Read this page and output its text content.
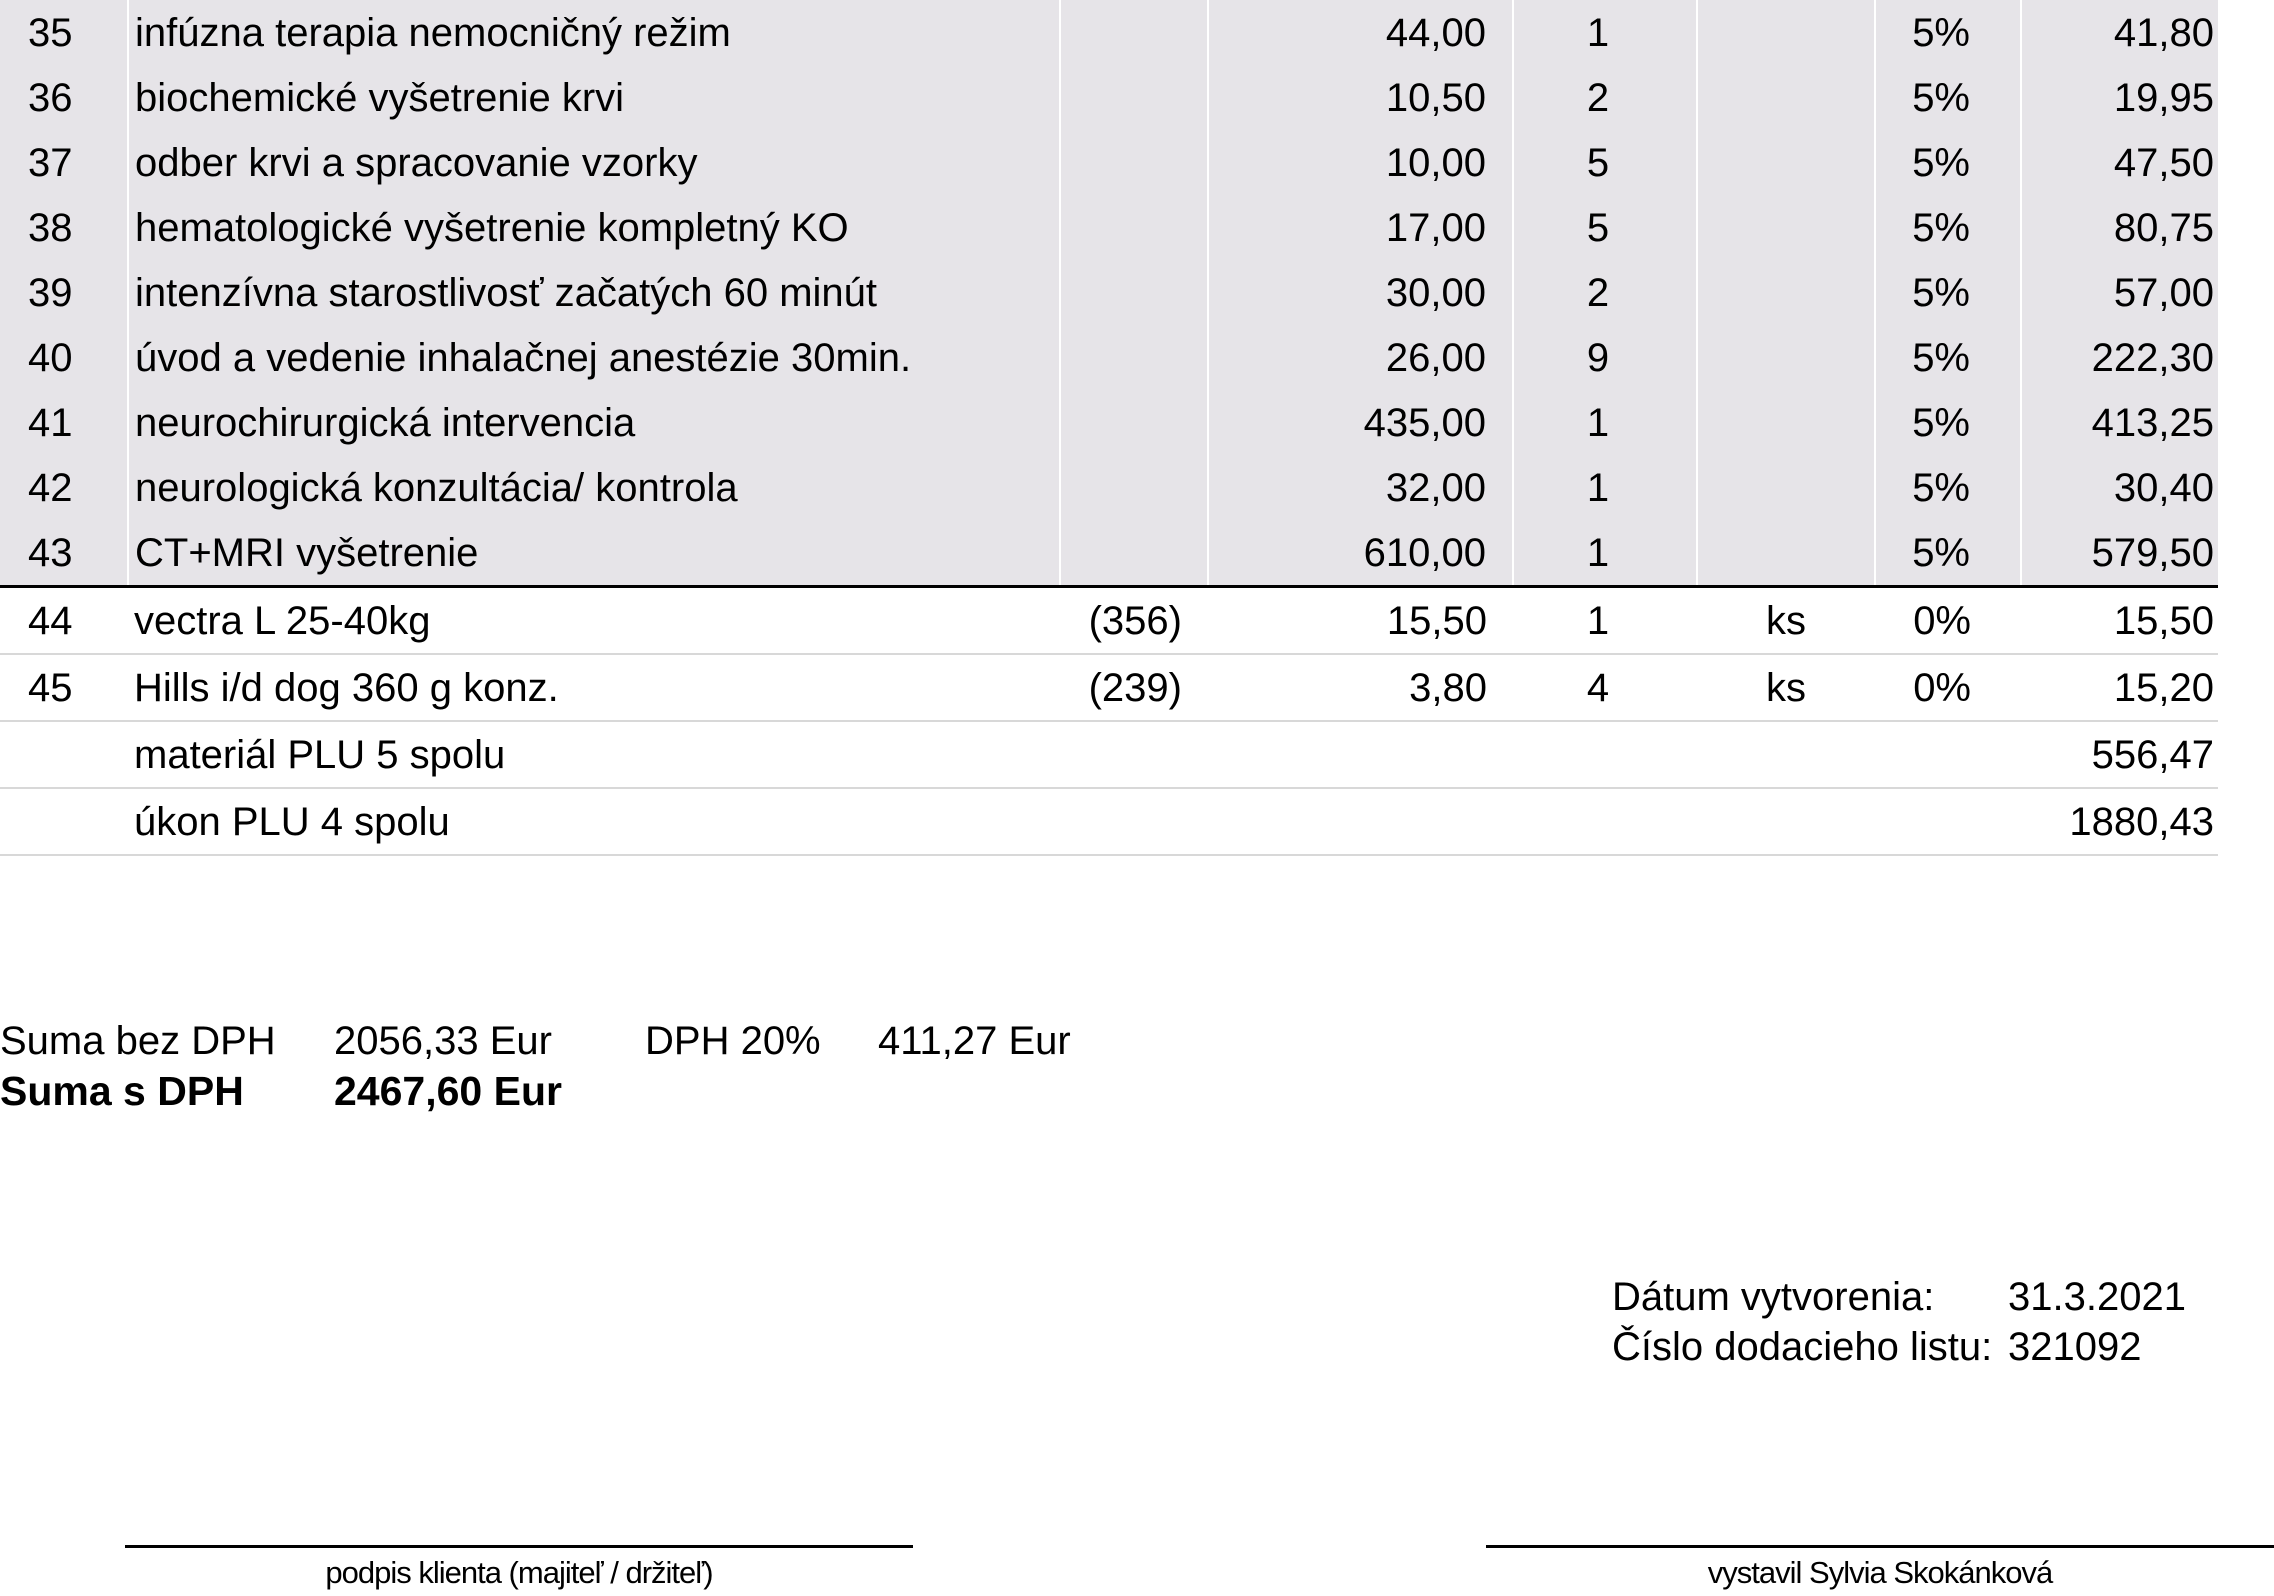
35	infúzna terapia nemocničný režim		44,00	1		5%	41,80
36	biochemické vyšetrenie krvi		10,50	2		5%	19,95
37	odber krvi a spracovanie vzorky		10,00	5		5%	47,50
38	hematologické vyšetrenie kompletný KO		17,00	5		5%	80,75
39	intenzívna starostlivosť začatých 60 minút		30,00	2		5%	57,00
40	úvod a vedenie inhalačnej anestézie 30min.		26,00	9		5%	222,30
41	neurochirurgická intervencia		435,00	1		5%	413,25
42	neurologická konzultácia/ kontrola		32,00	1		5%	30,40
43	CT+MRI vyšetrenie		610,00	1		5%	579,50
44	vectra L 25-40kg	(356)	15,50	1	ks	0%	15,50
45	Hills i/d dog 360 g konz.	(239)	3,80	4	ks	0%	15,20
	materiál PLU 5 spolu						556,47
	úkon PLU 4 spolu						1880,43
Suma bez DPH 2056,33 Eur DPH 20% 411,27 Eur
Suma s DPH 2467,60 Eur
Dátum vytvorenia: 31.3.2021
Číslo dodacieho listu: 321092
podpis klienta (majiteľ / držiteľ)	vystavil Sylvia Skokánková
